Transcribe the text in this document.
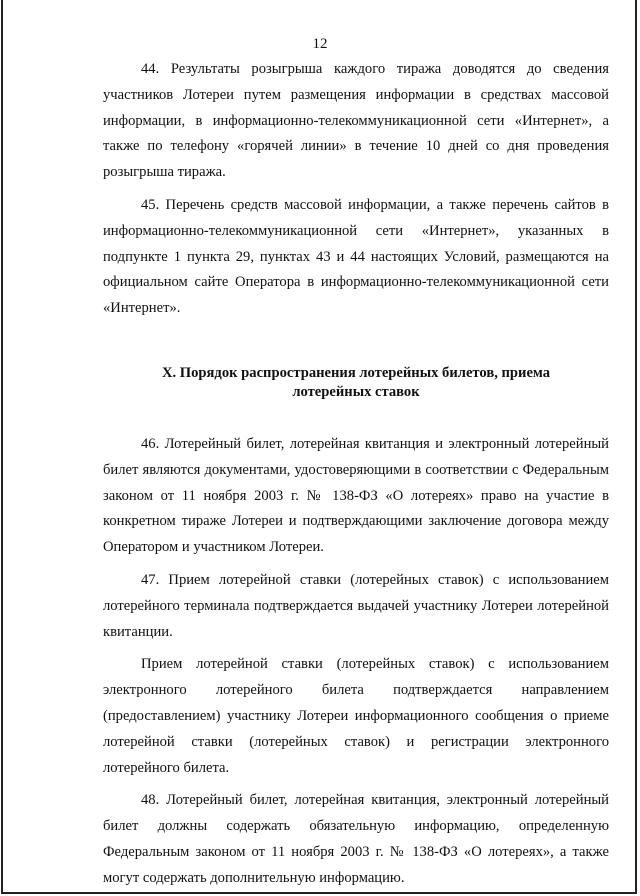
12

44. Результаты розыгрыша каждого тиража доводятся до сведения участников Лотереи путем размещения информации в средствах массовой информации, в информационно-телекоммуникационной сети «Интернет», а также по телефону «горячей линии» в течение 10 дней со дня проведения розыгрыша тиража.

45. Перечень средств массовой информации, а также перечень сайтов в информационно-телекоммуникационной сети «Интернет», указанных в подпункте 1 пункта 29, пунктах 43 и 44 настоящих Условий, размещаются на официальном сайте Оператора в информационно-телекоммуникационной сети «Интернет».

X. Порядок распространения лотерейных билетов, приема
лотерейных ставок

46. Лотерейный билет, лотерейная квитанция и электронный лотерейный билет являются документами, удостоверяющими в соответствии с Федеральным законом от 11 ноября 2003 г. № 138-ФЗ «О лотереях» право на участие в конкретном тираже Лотереи и подтверждающими заключение договора между Оператором и участником Лотереи.

47. Прием лотерейной ставки (лотерейных ставок) с использованием лотерейного терминала подтверждается выдачей участнику Лотереи лотерейной квитанции.

Прием лотерейной ставки (лотерейных ставок) с использованием электронного лотерейного билета подтверждается направлением (предоставлением) участнику Лотереи информационного сообщения о приеме лотерейной ставки (лотерейных ставок) и регистрации электронного лотерейного билета.

48. Лотерейный билет, лотерейная квитанция, электронный лотерейный билет должны содержать обязательную информацию, определенную Федеральным законом от 11 ноября 2003 г. № 138-ФЗ «О лотереях», а также могут содержать дополнительную информацию.
